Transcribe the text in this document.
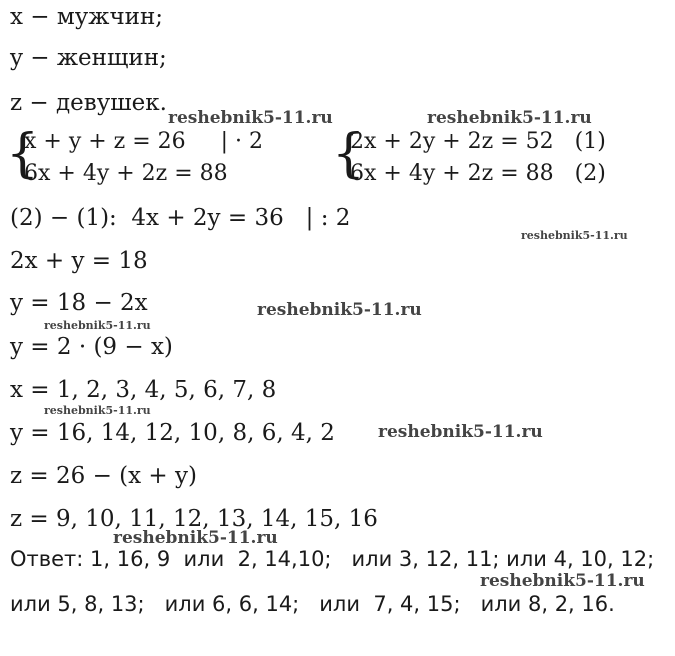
x − мужчин;
y − женщин;
z − девушек.
{
x + y + z = 26     | · 2
6x + 4y + 2z = 88 {
2x + 2y + 2z = 52   (1)
6x + 4y + 2z = 88   (2)
(2) − (1):  4x + 2y = 36   | : 2
2x + y = 18
y = 18 − 2x
y = 2 · (9 − x)
x = 1, 2, 3, 4, 5, 6, 7, 8
y = 16, 14, 12, 10, 8, 6, 4, 2
z = 26 − (x + y)
z = 9, 10, 11, 12, 13, 14, 15, 16
Ответ: 1, 16, 9  или  2, 14,10;   или 3, 12, 11; или 4, 10, 12;
или 5, 8, 13;   или 6, 6, 14;   или  7, 4, 15;   или 8, 2, 16.
reshebnik5-11.ru	reshebnik5-11.ru
reshebnik5-11.ru
reshebnik5-11.ru
reshebnik5-11.ru
reshebnik5-11.ru
reshebnik5-11.ru
reshebnik5-11.ru
reshebnik5-11.ru
